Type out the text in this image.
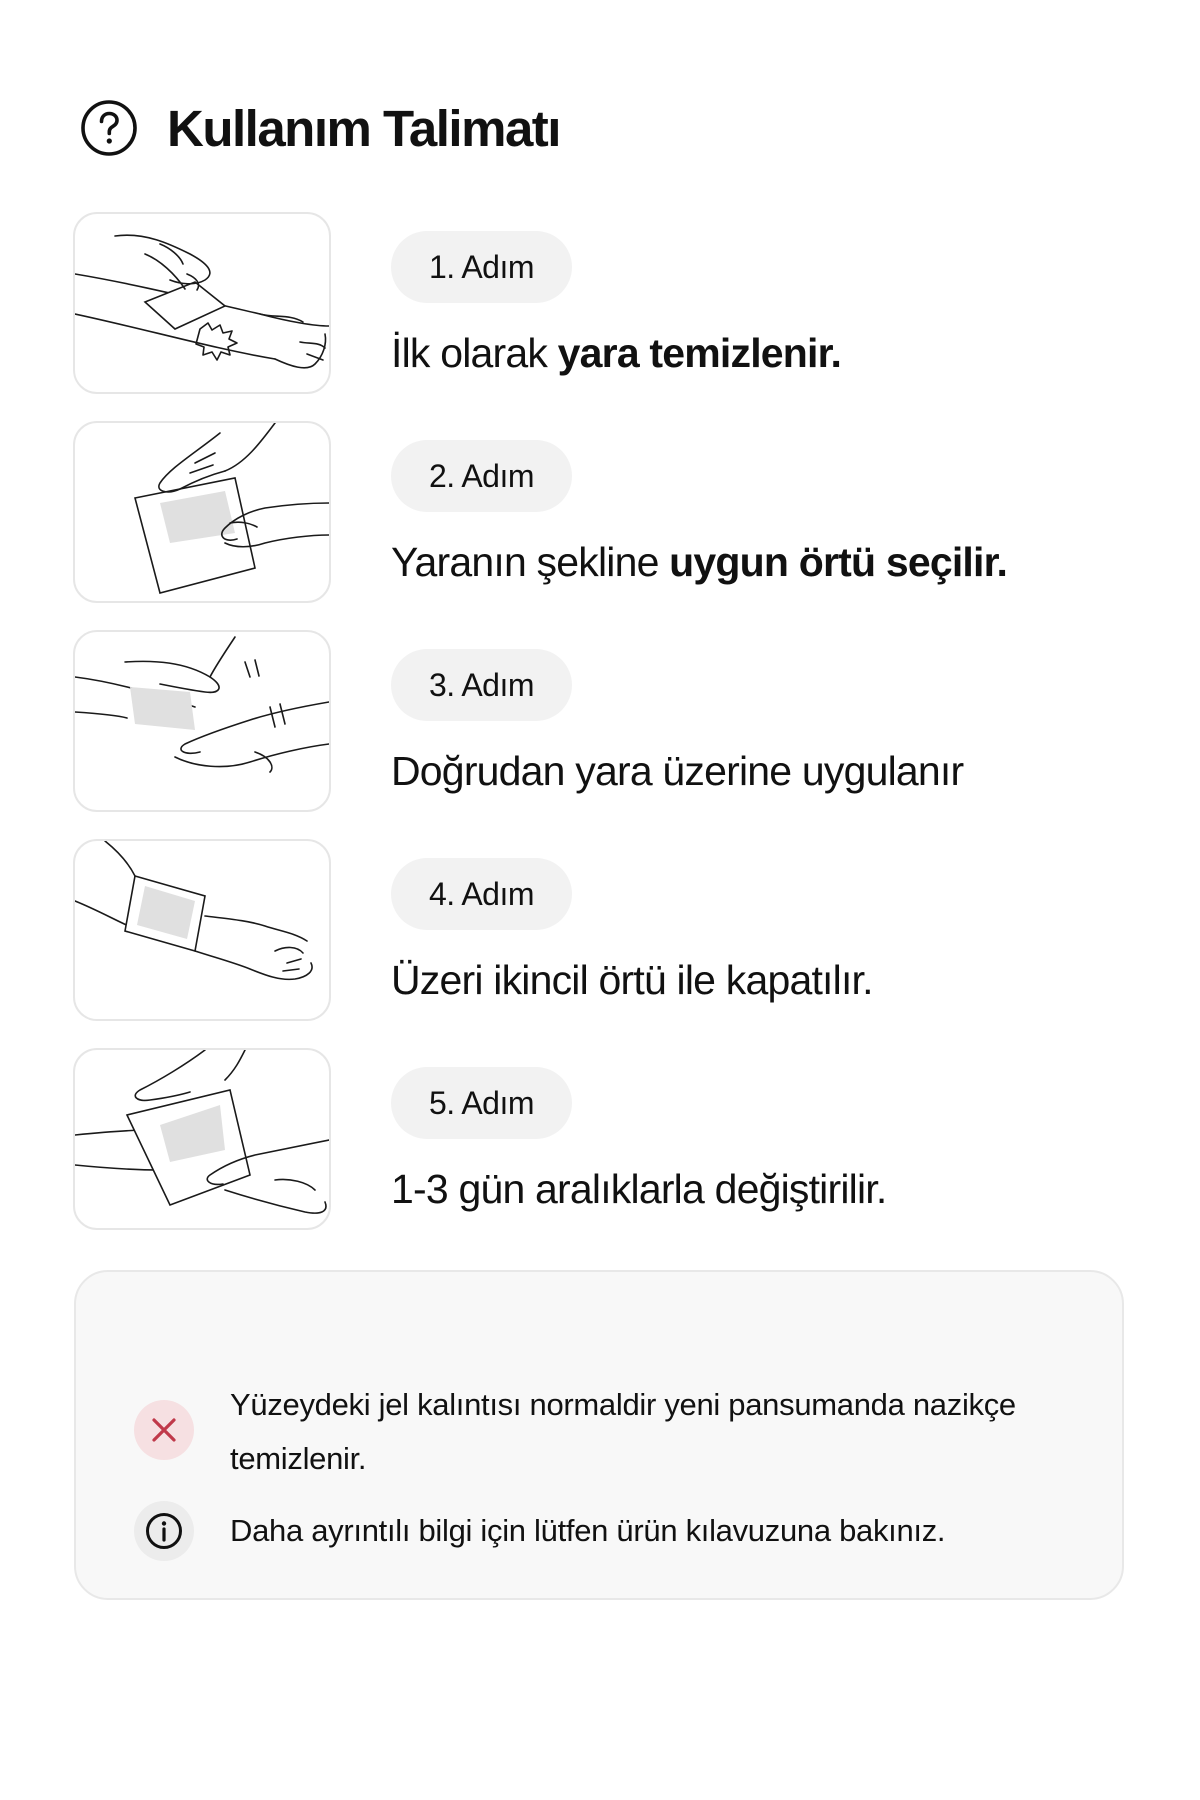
Kullanım Talimatı
1. Adım
İlk olarak yara temizlenir.
2. Adım
Yaranın şekline uygun örtü seçilir.
3. Adım
Doğrudan yara üzerine uygulanır
4. Adım
Üzeri ikincil örtü ile kapatılır.
5. Adım
1-3 gün aralıklarla değiştirilir.
Yüzeydeki jel kalıntısı normaldir yeni pansumanda nazikçe temizlenir.
Daha ayrıntılı bilgi için lütfen ürün kılavuzuna bakınız.
